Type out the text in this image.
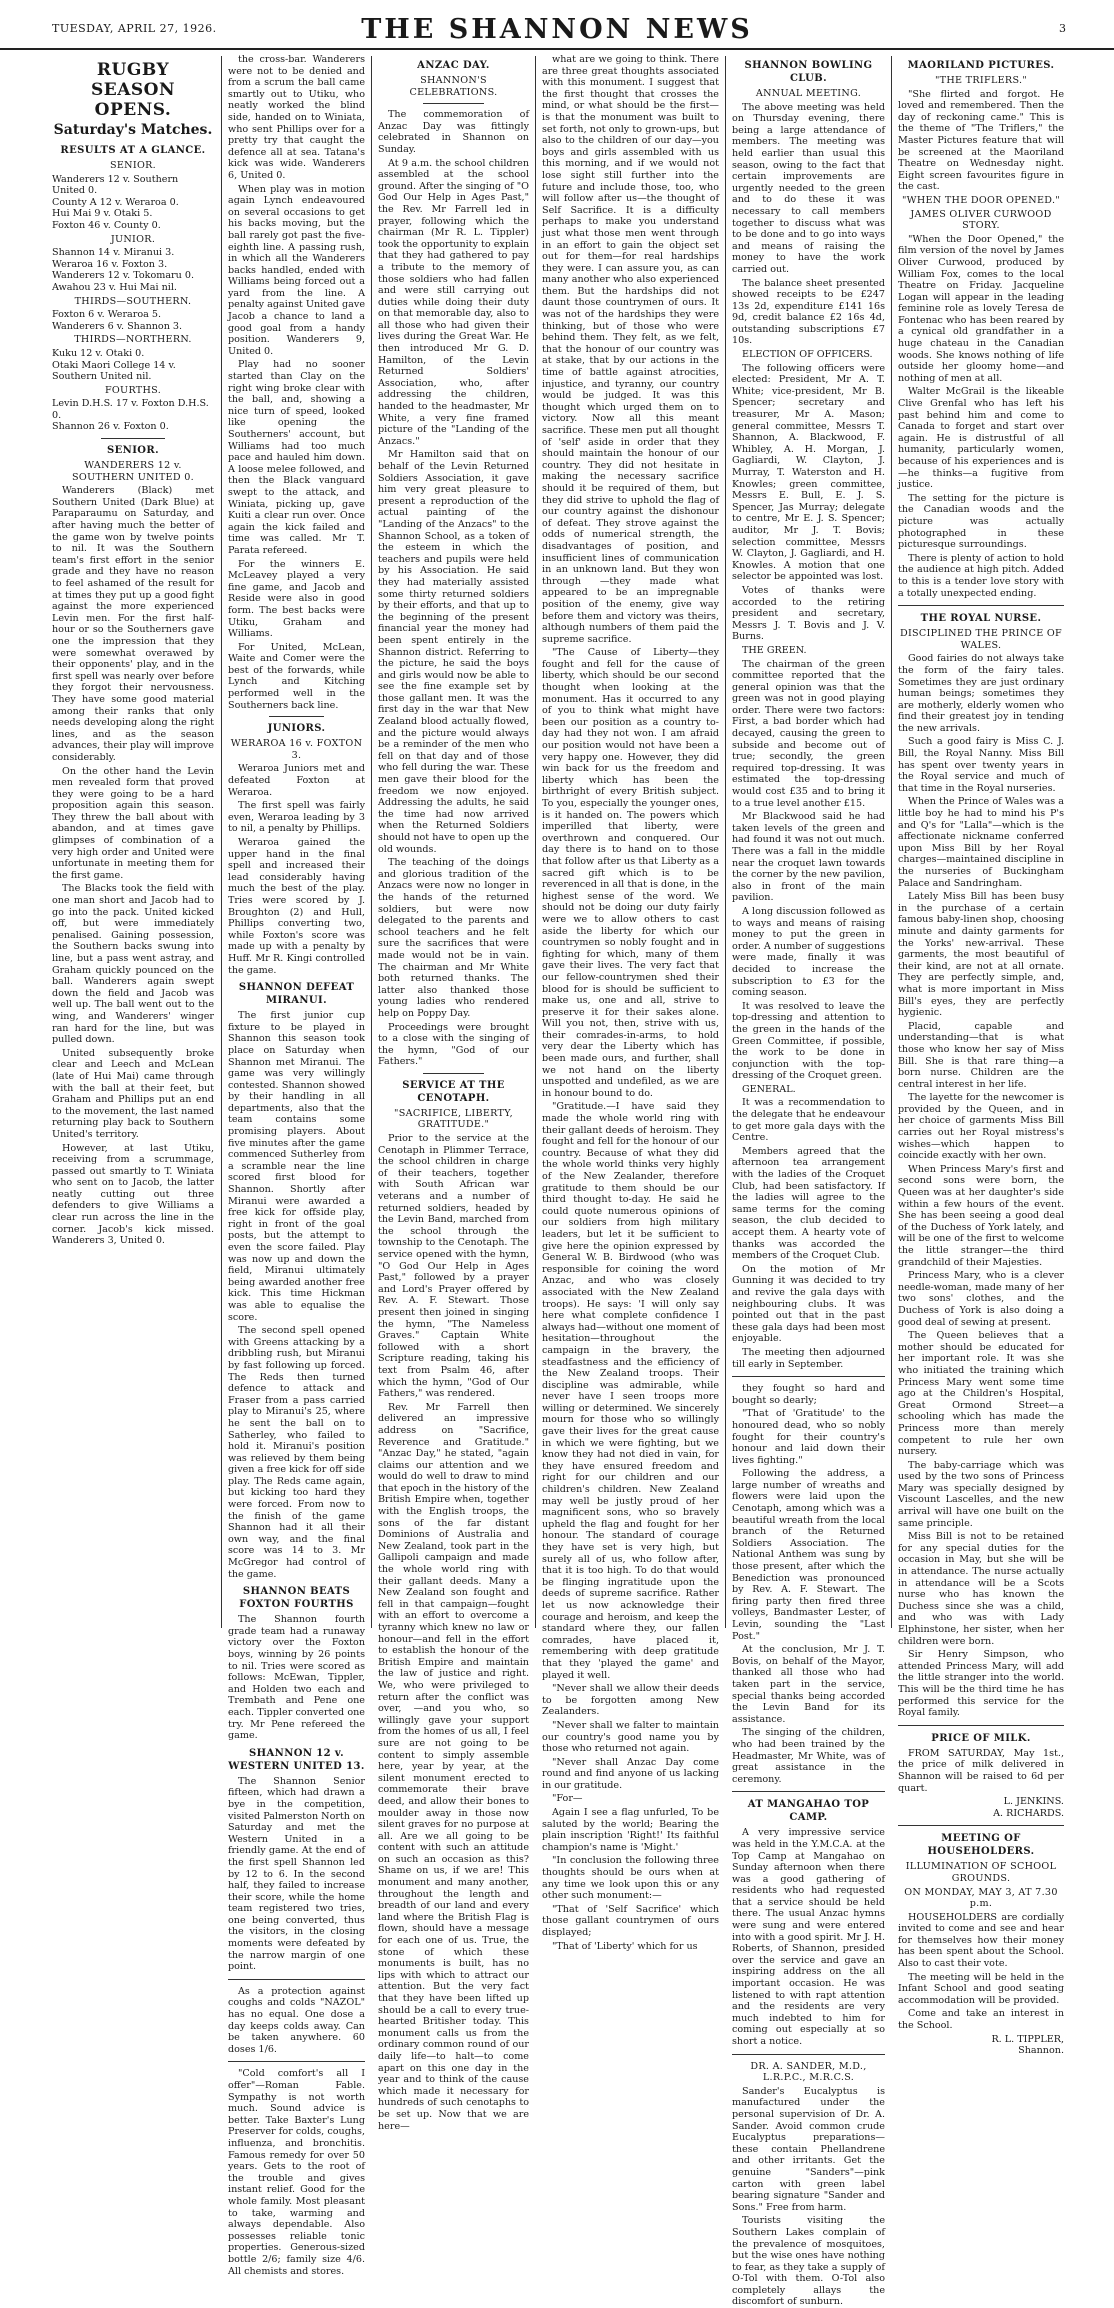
TUESDAY, APRIL 27, 1926.	THE SHANNON NEWS	3
RUGBY SEASON OPENS.
Saturday's Matches.
RESULTS AT A GLANCE.
SENIOR.
Wanderers 12 v. Southern United 0.
County A 12 v. Weraroa 0.
Hui Mai 9 v. Otaki 5.
Foxton 46 v. County 0.
JUNIOR.
Shannon 14 v. Miranui 3.
Weraroa 16 v. Foxton 3.
Wanderers 12 v. Tokomaru 0.
Awahou 23 v. Hui Mai nil.
THIRDS—SOUTHERN.
Foxton 6 v. Weraroa 5.
Wanderers 6 v. Shannon 3.
THIRDS—NORTHERN.
Kuku 12 v. Otaki 0.
Otaki Maori College 14 v. Southern United nil.
FOURTHS.
Levin D.H.S. 17 v. Foxton D.H.S. 0.
Shannon 26 v. Foxton 0.
SENIOR.
WANDERERS 12 v. SOUTHERN UNITED 0.

Wanderers (Black) met Southern United (Dark Blue) at Paraparaumu on Saturday, and after having much the better of the game won by twelve points to nil. It was the Southern team's first effort in the senior grade and they have no reason to feel ashamed of the result for at times they put up a good fight against the more experienced Levin men. For the first half-hour or so the Southerners gave one the impression that they were somewhat overawed by their opponents' play, and in the first spell was nearly over before they forgot their nervousness. They have some good material among their ranks that only needs developing along the right lines, and as the season advances, their play will improve considerably.

On the other hand the Levin men revealed form that proved they were going to be a hard proposition again this season. They threw the ball about with abandon, and at times gave glimpses of combination of a very high order and United were unfortunate in meeting them for the first game.

The Blacks took the field with one man short and Jacob had to go into the pack. United kicked off, but were immediately penalised. Gaining possession, the Southern backs swung into line, but a pass went astray, and Graham quickly pounced on the ball. Wanderers again swept down the field and Jacob was well up. The ball went out to the wing, and Wanderers' winger ran hard for the line, but was pulled down.

United subsequently broke clear and Leech and McLean (late of Hui Mai) came through with the ball at their feet, but Graham and Phillips put an end to the movement, the last named returning play back to Southern United's territory.

However, at last Utiku, receiving from a scrummage, passed out smartly to T. Winiata who sent on to Jacob, the latter neatly cutting out three defenders to give Williams a clear run across the line in the corner. Jacob's kick missed. Wanderers 3, United 0.

the cross-bar. Wanderers were not to be denied and from a scrum the ball came smartly out to Utiku, who neatly worked the blind side, handed on to Winiata, who sent Phillips over for a pretty try that caught the defence all at sea. Tatana's kick was wide. Wanderers 6, United 0.

When play was in motion again Lynch endeavoured on several occasions to get his backs moving, but the ball rarely got past the five-eighth line. A passing rush, in which all the Wanderers backs handled, ended with Williams being forced out a yard from the line. A penalty against United gave Jacob a chance to land a good goal from a handy position. Wanderers 9, United 0.

Play had no sooner started than Clay on the right wing broke clear with the ball, and, showing a nice turn of speed, looked like opening the Southerners' account, but Williams had too much pace and hauled him down. A loose melee followed, and then the Black vanguard swept to the attack, and Winiata, picking up, gave Kuiti a clear run over. Once again the kick failed and time was called. Mr T. Parata refereed.

For the winners E. McLeavey played a very fine game, and Jacob and Reside were also in good form. The best backs were Utiku, Graham and Williams.

For United, McLean, Waite and Comer were the best of the forwards, while Lynch and Kitching performed well in the Southerners back line.

JUNIORS.
WERAROA 16 v. FOXTON 3.

Weraroa Juniors met and defeated Foxton at Weraroa.

The first spell was fairly even, Weraroa leading by 3 to nil, a penalty by Phillips.

Weraroa gained the upper hand in the final spell and increased their lead considerably having much the best of the play. Tries were scored by J. Broughton (2) and Hull, Phillips converting two, while Foxton's score was made up with a penalty by Huff. Mr R. Kingi controlled the game.

SHANNON DEFEAT MIRANUI.

The first junior cup fixture to be played in Shannon this season took place on Saturday when Shannon met Miranui. The game was very willingly contested. Shannon showed by their handling in all departments, also that the team contains some promising players. About five minutes after the game commenced Sutherley from a scramble near the line scored first blood for Shannon. Shortly after Miranui were awarded a free kick for offside play, right in front of the goal posts, but the attempt to even the score failed. Play was now up and down the field, Miranui ultimately being awarded another free kick. This time Hickman was able to equalise the score.

The second spell opened with Greens attacking by a dribbling rush, but Miranui by fast following up forced. The Reds then turned defence to attack and Fraser from a pass carried play to Miranui's 25, where he sent the ball on to Satherley, who failed to hold it. Miranui's position was relieved by them being given a free kick for off side play. The Reds came again, but kicking too hard they were forced. From now to the finish of the game Shannon had it all their own way, and the final score was 14 to 3. Mr McGregor had control of the game.

SHANNON BEATS FOXTON FOURTHS

The Shannon fourth grade team had a runaway victory over the Foxton boys, winning by 26 points to nil. Tries were scored as follows: McEwan, Tippler, and Holden two each and Trembath and Pene one each. Tippler converted one try. Mr Pene refereed the game.

SHANNON 12 v. WESTERN UNITED 13.

The Shannon Senior fifteen, which had drawn a bye in the competition, visited Palmerston North on Saturday and met the Western United in a friendly game. At the end of the first spell Shannon led by 12 to 6. In the second half, they failed to increase their score, while the home team registered two tries, one being converted, thus the visitors, in the closing moments were defeated by the narrow margin of one point.

As a protection against coughs and colds "NAZOL" has no equal. One dose a day keeps colds away. Can be taken anywhere. 60 doses 1/6.

"Cold comfort's all I offer"—Roman Fable. Sympathy is not worth much. Sound advice is better. Take Baxter's Lung Preserver for colds, coughs, influenza, and bronchitis. Famous remedy for over 50 years. Gets to the root of the trouble and gives instant relief. Good for the whole family. Most pleasant to take, warming and always dependable. Also possesses reliable tonic properties. Generous-sized bottle 2/6; family size 4/6. All chemists and stores.

ANZAC DAY.
SHANNON'S CELEBRATIONS.

The commemoration of Anzac Day was fittingly celebrated in Shannon on Sunday.

At 9 a.m. the school children assembled at the school ground. After the singing of "O God Our Help in Ages Past," the Rev. Mr Farrell led in prayer, following which the chairman (Mr R. L. Tippler) took the opportunity to explain that they had gathered to pay a tribute to the memory of those soldiers who had fallen and were still carrying out duties while doing their duty on that memorable day, also to all those who had given their lives during the Great War. He then introduced Mr G. D. Hamilton, of the Levin Returned Soldiers' Association, who, after addressing the children, handed to the headmaster, Mr White, a very fine framed picture of the "Landing of the Anzacs."

Mr Hamilton said that on behalf of the Levin Returned Soldiers Association, it gave him very great pleasure to present a reproduction of the actual painting of the "Landing of the Anzacs" to the Shannon School, as a token of the esteem in which the teachers and pupils were held by his Association. He said they had materially assisted some thirty returned soldiers by their efforts, and that up to the beginning of the present financial year the money had been spent entirely in the Shannon district. Referring to the picture, he said the boys and girls would now be able to see the fine example set by those gallant men. It was the first day in the war that New Zealand blood actually flowed, and the picture would always be a reminder of the men who fell on that day and of those who fell during the war. These men gave their blood for the freedom we now enjoyed. Addressing the adults, he said the time had now arrived when the Returned Soldiers should not have to open up the old wounds.

The teaching of the doings and glorious tradition of the Anzacs were now no longer in the hands of the returned soldiers, but were now delegated to the parents and school teachers and he felt sure the sacrifices that were made would not be in vain. The chairman and Mr White both returned thanks. The latter also thanked those young ladies who rendered help on Poppy Day.

Proceedings were brought to a close with the singing of the hymn, "God of our Fathers."

SERVICE AT THE CENOTAPH.
"SACRIFICE, LIBERTY, GRATITUDE."

Prior to the service at the Cenotaph in Plimmer Terrace, the school children in charge of their teachers, together with South African war veterans and a number of returned soldiers, headed by the Levin Band, marched from the school through the township to the Cenotaph. The service opened with the hymn, "O God Our Help in Ages Past," followed by a prayer and Lord's Prayer offered by Rev. A. F. Stewart. Those present then joined in singing the hymn, "The Nameless Graves." Captain White followed with a short Scripture reading, taking his text from Psalm 46, after which the hymn, "God of Our Fathers," was rendered.

Rev. Mr Farrell then delivered an impressive address on "Sacrifice, Reverence and Gratitude." "Anzac Day," he stated, "again claims our attention and we would do well to draw to mind that epoch in the history of the British Empire when, together with the English troops, the sons of the far distant Dominions of Australia and New Zealand, took part in the Gallipoli campaign and made the whole world ring with their gallant deeds. Many a New Zealand son fought and fell in that campaign—fought with an effort to overcome a tyranny which knew no law or honour—and fell in the effort to establish the honour of the British Empire and maintain the law of justice and right. We, who were privileged to return after the conflict was over, —and you who, so willingly gave your support from the homes of us all, I feel sure are not going to be content to simply assemble here, year by year, at the silent monument erected to commemorate their brave deed, and allow their bones to moulder away in those now silent graves for no purpose at all. Are we all going to be content with such an attitude on such an occasion as this? Shame on us, if we are! This monument and many another, throughout the length and breadth of our land and every land where the British Flag is flown, should have a message for each one of us. True, the stone of which these monuments is built, has no lips with which to attract our attention. But the very fact that they have been lifted up should be a call to every true-hearted Britisher today. This monument calls us from the ordinary common round of our daily life—to halt—to come apart on this one day in the year and to think of the cause which made it necessary for hundreds of such cenotaphs to be set up. Now that we are here—

what are we going to think. There are three great thoughts associated with this monument. I suggest that the first thought that crosses the mind, or what should be the first—is that the monument was built to set forth, not only to grown-ups, but also to the children of our day—you boys and girls assembled with us this morning, and if we would not lose sight still further into the future and include those, too, who will follow after us—the thought of Self Sacrifice. It is a difficulty perhaps to make you understand just what those men went through in an effort to gain the object set out for them—for real hardships they were. I can assure you, as can many another who also experienced them. But the hardships did not daunt those countrymen of ours. It was not of the hardships they were thinking, but of those who were behind them. They felt, as we felt, that the honour of our country was at stake, that by our actions in the time of battle against atrocities, injustice, and tyranny, our country would be judged. It was this thought which urged them on to victory. Now all this meant sacrifice. These men put all thought of 'self' aside in order that they should maintain the honour of our country. They did not hesitate in making the necessary sacrifice should it be required of them, but they did strive to uphold the flag of our country against the dishonour of defeat. They strove against the odds of numerical strength, the disadvantages of position, and insufficient lines of communication in an unknown land. But they won through —they made what appeared to be an impregnable position of the enemy, give way before them and victory was theirs, although numbers of them paid the supreme sacrifice.

"The Cause of Liberty—they fought and fell for the cause of liberty, which should be our second thought when looking at the monument. Has it occurred to any of you to think what might have been our position as a country to-day had they not won. I am afraid our position would not have been a very happy one. However, they did win back for us the freedom and liberty which has been the birthright of every British subject. To you, especially the younger ones, is it handed on. The powers which imperilled that liberty, were overthrown and conquered. Our day there is to hand on to those that follow after us that Liberty as a sacred gift which is to be reverenced in all that is done, in the highest sense of the word. We should not be doing our duty fairly were we to allow others to cast aside the liberty for which our countrymen so nobly fought and in fighting for which, many of them gave their lives. The very fact that our fellow-countrymen shed their blood for is should be sufficient to make us, one and all, strive to preserve it for their sakes alone. Will you not, then, strive with us, their comrades-in-arms, to hold very dear the Liberty which has been made ours, and further, shall we not hand on the liberty unspotted and undefiled, as we are in honour bound to do.

"Gratitude.—I have said they made the whole world ring with their gallant deeds of heroism. They fought and fell for the honour of our country. Because of what they did the whole world thinks very highly of the New Zealander, therefore gratitude to them should be our third thought to-day. He said he could quote numerous opinions of our soldiers from high military leaders, but let it be sufficient to give here the opinion expressed by General W. B. Birdwood (who was responsible for coining the word Anzac, and who was closely associated with the New Zealand troops). He says: 'I will only say here what complete confidence I always had—without one moment of hesitation—throughout the campaign in the bravery, the steadfastness and the efficiency of the New Zealand troops. Their discipline was admirable, while never have I seen troops more willing or determined. We sincerely mourn for those who so willingly gave their lives for the great cause in which we were fighting, but we know they had not died in vain, for they have ensured freedom and right for our children and our children's children. New Zealand may well be justly proud of her magnificent sons, who so bravely upheld the flag and fought for her honour. The standard of courage they have set is very high, but surely all of us, who follow after, that it is too high. To do that would be flinging ingratitude upon the deeds of supreme sacrifice. Rather let us now acknowledge their courage and heroism, and keep the standard where they, our fallen comrades, have placed it, remembering with deep gratitude that they 'played the game' and played it well.

"Never shall we allow their deeds to be forgotten among New Zealanders.

"Never shall we falter to maintain our country's good name you by those who returned not again.

"Never shall Anzac Day come round and find anyone of us lacking in our gratitude.

"For—

Again I see a flag unfurled, To be saluted by the world; Bearing the plain inscription 'Right!' Its faithful champion's name is 'Might.'

"In conclusion the following three thoughts should be ours when at any time we look upon this or any other such monument:—

"That of 'Self Sacrifice' which those gallant countrymen of ours displayed;

"That of 'Liberty' which for us

SHANNON BOWLING CLUB.
ANNUAL MEETING.

The above meeting was held on Thursday evening, there being a large attendance of members. The meeting was held earlier than usual this season, owing to the fact that certain improvements are urgently needed to the green and to do these it was necessary to call members together to discuss what was to be done and to go into ways and means of raising the money to have the work carried out.

The balance sheet presented showed receipts to be £247 13s 2d, expenditure £141 16s 9d, credit balance £2 16s 4d, outstanding subscriptions £7 10s.

ELECTION OF OFFICERS.

The following officers were elected: President, Mr A. T. White; vice-president, Mr B. Spencer; secretary and treasurer, Mr A. Mason; general committee, Messrs T. Shannon, A. Blackwood, F. Whibley, A. H. Morgan, J. Gagliardi, W. Clayton, J. Murray, T. Waterston and H. Knowles; green committee, Messrs E. Bull, E. J. S. Spencer, Jas Murray; delegate to centre, Mr E. J. S. Spencer; auditor, Mr J. T. Bovis; selection committee, Messrs W. Clayton, J. Gagliardi, and H. Knowles. A motion that one selector be appointed was lost.

Votes of thanks were accorded to the retiring president and secretary, Messrs J. T. Bovis and J. V. Burns.

THE GREEN.

The chairman of the green committee reported that the general opinion was that the green was not in good playing order. There were two factors: First, a bad border which had decayed, causing the green to subside and become out of true; secondly, the green required top-dressing. It was estimated the top-dressing would cost £35 and to bring it to a true level another £15.

Mr Blackwood said he had taken levels of the green and had found it was not out much. There was a fall in the middle near the croquet lawn towards the corner by the new pavilion, also in front of the main pavilion.

A long discussion followed as to ways and means of raising money to put the green in order. A number of suggestions were made, finally it was decided to increase the subscription to £3 for the coming season.

It was resolved to leave the top-dressing and attention to the green in the hands of the Green Committee, if possible, the work to be done in conjunction with the top-dressing of the Croquet green.

GENERAL.

It was a recommendation to the delegate that he endeavour to get more gala days with the Centre.

Members agreed that the afternoon tea arrangement with the ladies of the Croquet Club, had been satisfactory. If the ladies will agree to the same terms for the coming season, the club decided to accept them. A hearty vote of thanks was accorded the members of the Croquet Club.

On the motion of Mr Gunning it was decided to try and revive the gala days with neighbouring clubs. It was pointed out that in the past these gala days had been most enjoyable.

The meeting then adjourned till early in September.

they fought so hard and bought so dearly;

"That of 'Gratitude' to the honoured dead, who so nobly fought for their country's honour and laid down their lives fighting."

Following the address, a large number of wreaths and flowers were laid upon the Cenotaph, among which was a beautiful wreath from the local branch of the Returned Soldiers Association. The National Anthem was sung by those present, after which the Benediction was pronounced by Rev. A. F. Stewart. The firing party then fired three volleys, Bandmaster Lester, of Levin, sounding the "Last Post."

At the conclusion, Mr J. T. Bovis, on behalf of the Mayor, thanked all those who had taken part in the service, special thanks being accorded the Levin Band for its assistance.

The singing of the children, who had been trained by the Headmaster, Mr White, was of great assistance in the ceremony.

AT MANGAHAO TOP CAMP.

A very impressive service was held in the Y.M.C.A. at the Top Camp at Mangahao on Sunday afternoon when there was a good gathering of residents who had requested that a service should be held there. The usual Anzac hymns were sung and were entered into with a good spirit. Mr J. H. Roberts, of Shannon, presided over the service and gave an inspiring address on the all important occasion. He was listened to with rapt attention and the residents are very much indebted to him for coming out especially at so short a notice.

DR. A. SANDER, M.D., L.R.P.C., M.R.C.S.

Sander's Eucalyptus is manufactured under the personal supervision of Dr. A. Sander. Avoid common crude Eucalyptus preparations—these contain Phellandrene and other irritants. Get the genuine "Sanders"—pink carton with green label bearing signature "Sander and Sons." Free from harm.

Tourists visiting the Southern Lakes complain of the prevalence of mosquitoes, but the wise ones have nothing to fear, as they take a supply of O-Tol with them. O-Tol also completely allays the discomfort of sunburn.

MAORILAND PICTURES.
"THE TRIFLERS."

"She flirted and forgot. He loved and remembered. Then the day of reckoning came." This is the theme of "The Triflers," the Master Pictures feature that will be screened at the Maoriland Theatre on Wednesday night. Eight screen favourites figure in the cast.

"WHEN THE DOOR OPENED."
JAMES OLIVER CURWOOD STORY.

"When the Door Opened," the film version of the novel by James Oliver Curwood, produced by William Fox, comes to the local Theatre on Friday. Jacqueline Logan will appear in the leading feminine role as lovely Teresa de Fontenac who has been reared by a cynical old grandfather in a huge chateau in the Canadian woods. She knows nothing of life outside her gloomy home—and nothing of men at all.

Walter McGrail is the likeable Clive Grenfal who has left his past behind him and come to Canada to forget and start over again. He is distrustful of all humanity, particularly women, because of his experiences and is—he thinks—a fugitive from justice.

The setting for the picture is the Canadian woods and the picture was actually photographed in these picturesque surroundings.

There is plenty of action to hold the audience at high pitch. Added to this is a tender love story with a totally unexpected ending.

THE ROYAL NURSE.
DISCIPLINED THE PRINCE OF WALES.

Good fairies do not always take the form of the fairy tales. Sometimes they are just ordinary human beings; sometimes they are motherly, elderly women who find their greatest joy in tending the new arrivals.

Such a good fairy is Miss C. J. Bill, the Royal Nanny. Miss Bill has spent over twenty years in the Royal service and much of that time in the Royal nurseries.

When the Prince of Wales was a little boy he had to mind his P's and Q's for "Lalla"—which is the affectionate nickname conferred upon Miss Bill by her Royal charges—maintained discipline in the nurseries of Buckingham Palace and Sandringham.

Lately Miss Bill has been busy in the purchase of a certain famous baby-linen shop, choosing minute and dainty garments for the Yorks' new-arrival. These garments, the most beautiful of their kind, are not at all ornate. They are perfectly simple, and, what is more important in Miss Bill's eyes, they are perfectly hygienic.

Placid, capable and understanding—that is what those who know her say of Miss Bill. She is that rare thing—a born nurse. Children are the central interest in her life.

The layette for the newcomer is provided by the Queen, and in her choice of garments Miss Bill carries out her Royal mistress's wishes—which happen to coincide exactly with her own.

When Princess Mary's first and second sons were born, the Queen was at her daughter's side within a few hours of the event. She has been seeing a good deal of the Duchess of York lately, and will be one of the first to welcome the little stranger—the third grandchild of their Majesties.

Princess Mary, who is a clever needle-woman, made many of her two sons' clothes, and the Duchess of York is also doing a good deal of sewing at present.

The Queen believes that a mother should be educated for her important role. It was she who initiated the training which Princess Mary went some time ago at the Children's Hospital, Great Ormond Street—a schooling which has made the Princess more than merely competent to rule her own nursery.

The baby-carriage which was used by the two sons of Princess Mary was specially designed by Viscount Lascelles, and the new arrival will have one built on the same principle.

Miss Bill is not to be retained for any special duties for the occasion in May, but she will be in attendance. The nurse actually in attendance will be a Scots nurse who has known the Duchess since she was a child, and who was with Lady Elphinstone, her sister, when her children were born.

Sir Henry Simpson, who attended Princess Mary, will add the little stranger into the world. This will be the third time he has performed this service for the Royal family.

PRICE OF MILK.

FROM SATURDAY, May 1st., the price of milk delivered in Shannon will be raised to 6d per quart.

L. JENKINS.
A. RICHARDS.
MEETING OF HOUSEHOLDERS.
ILLUMINATION OF SCHOOL GROUNDS.
ON MONDAY, MAY 3, AT 7.30 p.m.

HOUSEHOLDERS are cordially invited to come and see and hear for themselves how their money has been spent about the School. Also to cast their vote.

The meeting will be held in the Infant School and good seating accommodation will be provided.

Come and take an interest in the School.

R. L. TIPPLER,
Shannon.
